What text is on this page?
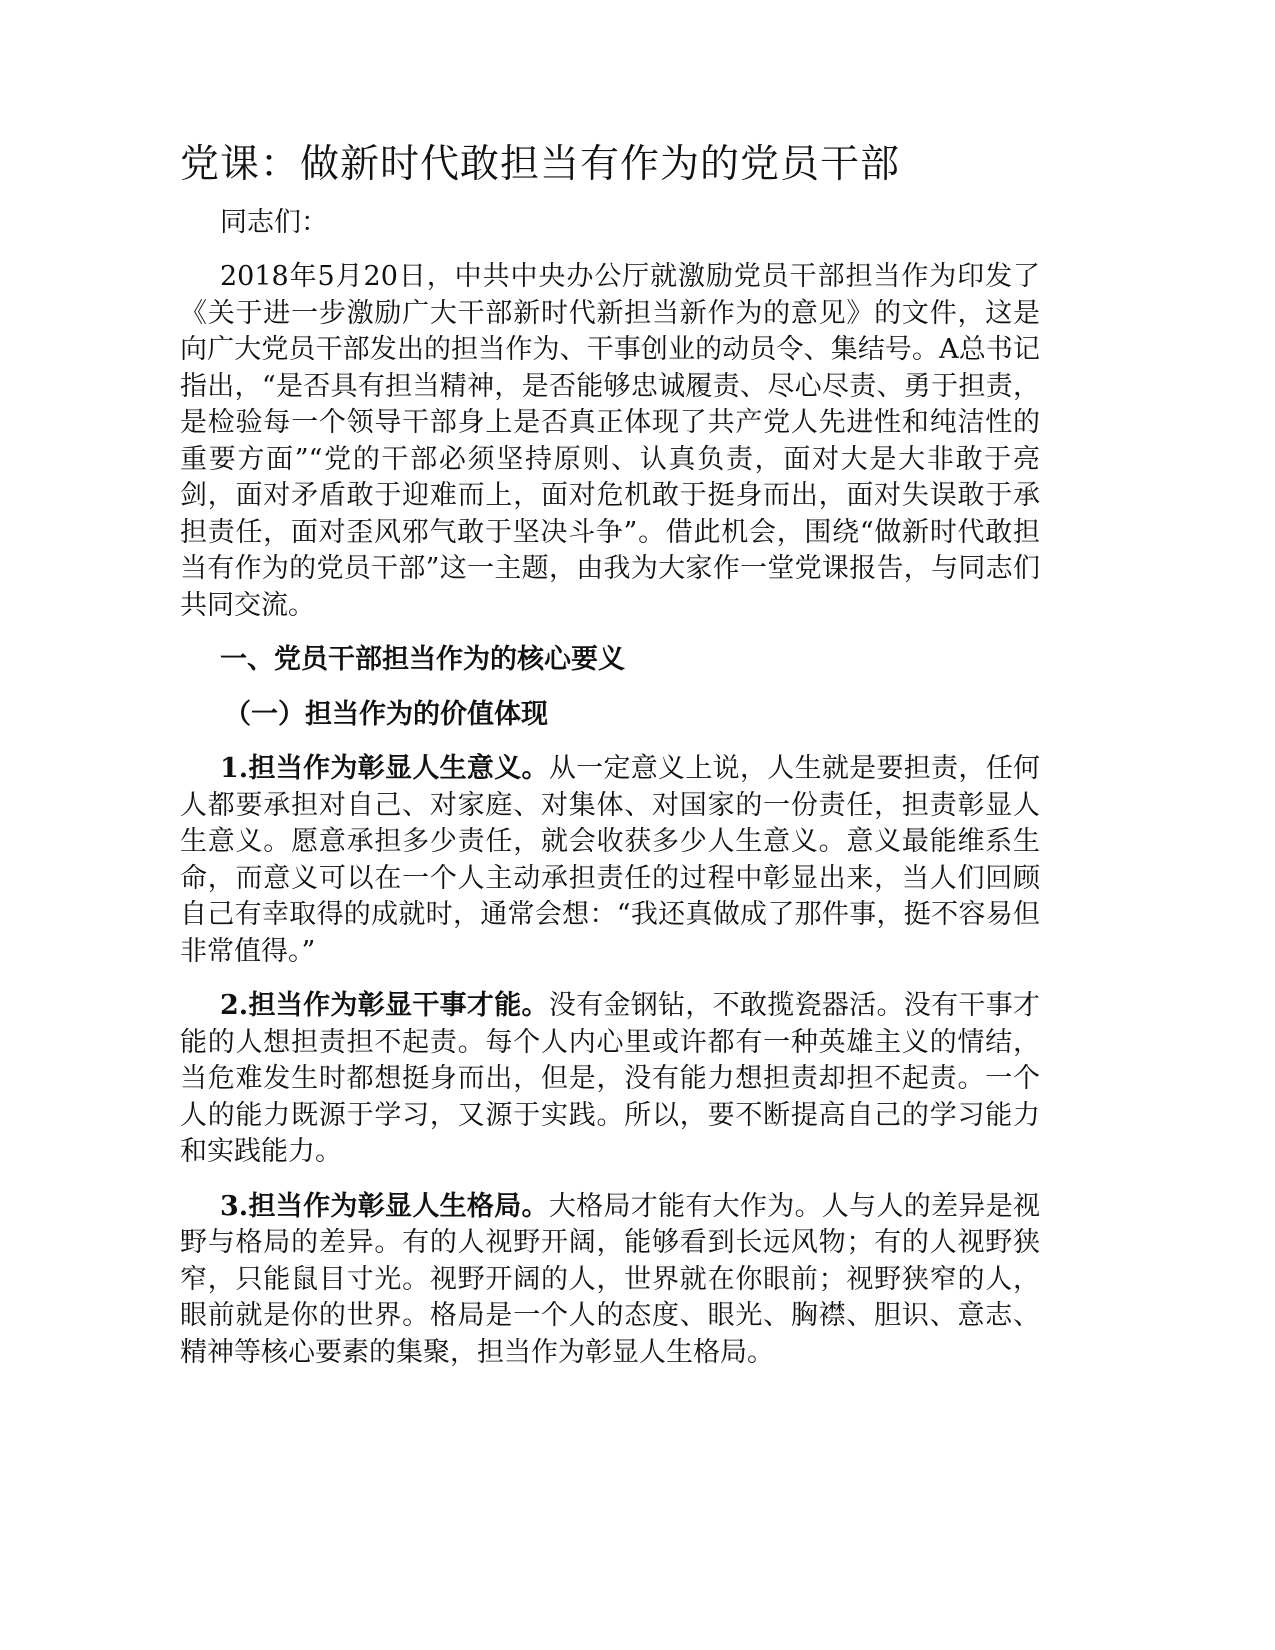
党课：做新时代敢担当有作为的党员干部

同志们：

2018年5月20日，中共中央办公厅就激励党员干部担当作为印发了《关于进一步激励广大干部新时代新担当新作为的意见》的文件，这是向广大党员干部发出的担当作为、干事创业的动员令、集结号。A总书记指出，“是否具有担当精神，是否能够忠诚履责、尽心尽责、勇于担责，是检验每一个领导干部身上是否真正体现了共产党人先进性和纯洁性的重要方面”“党的干部必须坚持原则、认真负责，面对大是大非敢于亮剑，面对矛盾敢于迎难而上，面对危机敢于挺身而出，面对失误敢于承担责任，面对歪风邪气敢于坚决斗争”。借此机会，围绕“做新时代敢担当有作为的党员干部”这一主题，由我为大家作一堂党课报告，与同志们共同交流。

一、党员干部担当作为的核心要义

（一）担当作为的价值体现

1.担当作为彰显人生意义。从一定意义上说，人生就是要担责，任何人都要承担对自己、对家庭、对集体、对国家的一份责任，担责彰显人生意义。愿意承担多少责任，就会收获多少人生意义。意义最能维系生命，而意义可以在一个人主动承担责任的过程中彰显出来，当人们回顾自己有幸取得的成就时，通常会想：“我还真做成了那件事，挺不容易但非常值得。”

2.担当作为彰显干事才能。没有金钢钻，不敢揽瓷器活。没有干事才能的人想担责担不起责。每个人内心里或许都有一种英雄主义的情结，当危难发生时都想挺身而出，但是，没有能力想担责却担不起责。一个人的能力既源于学习，又源于实践。所以，要不断提高自己的学习能力和实践能力。

3.担当作为彰显人生格局。大格局才能有大作为。人与人的差异是视野与格局的差异。有的人视野开阔，能够看到长远风物；有的人视野狭窄，只能鼠目寸光。视野开阔的人，世界就在你眼前；视野狭窄的人，眼前就是你的世界。格局是一个人的态度、眼光、胸襟、胆识、意志、精神等核心要素的集聚，担当作为彰显人生格局。
